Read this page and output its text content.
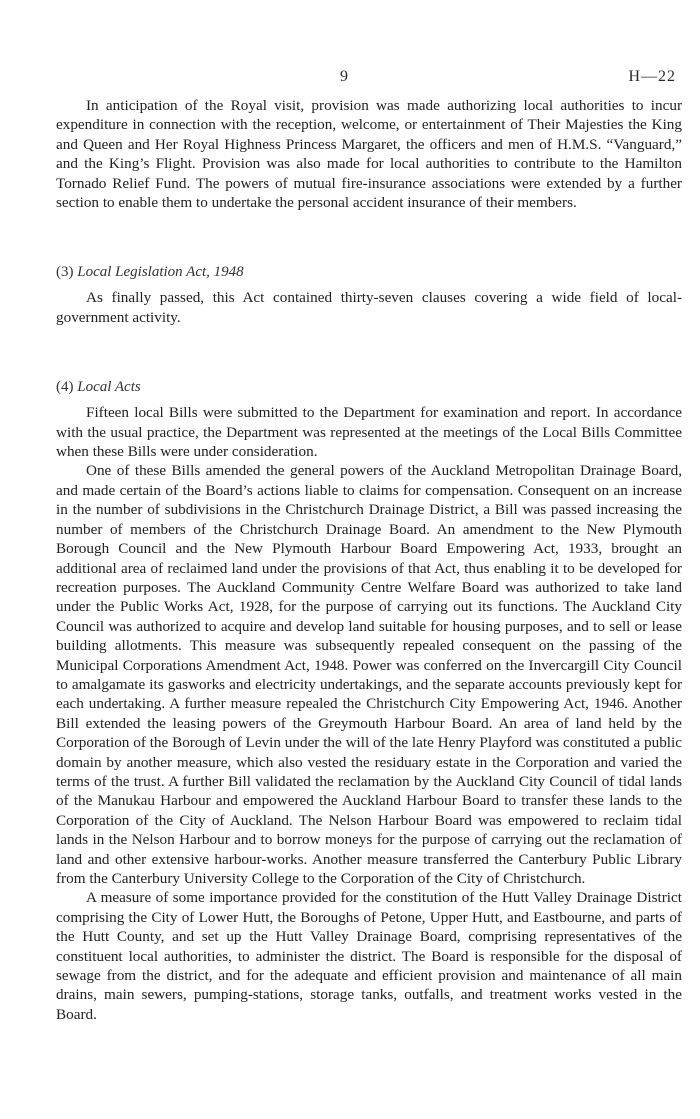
9	H—22

In anticipation of the Royal visit, provision was made authorizing local authorities to incur expenditure in connection with the reception, welcome, or entertainment of Their Majesties the King and Queen and Her Royal Highness Princess Margaret, the officers and men of H.M.S. “Vanguard,” and the King’s Flight. Provision was also made for local authorities to contribute to the Hamilton Tornado Relief Fund. The powers of mutual fire-insurance associations were extended by a further section to enable them to undertake the personal accident insurance of their members.

(3) Local Legislation Act, 1948

As finally passed, this Act contained thirty-seven clauses covering a wide field of local-government activity.

(4) Local Acts

Fifteen local Bills were submitted to the Department for examination and report. In accordance with the usual practice, the Department was represented at the meetings of the Local Bills Committee when these Bills were under consideration.

One of these Bills amended the general powers of the Auckland Metropolitan Drainage Board, and made certain of the Board’s actions liable to claims for compensation. Consequent on an increase in the number of subdivisions in the Christchurch Drainage District, a Bill was passed increasing the number of members of the Christchurch Drainage Board. An amendment to the New Plymouth Borough Council and the New Plymouth Harbour Board Empowering Act, 1933, brought an additional area of reclaimed land under the provisions of that Act, thus enabling it to be developed for recreation purposes. The Auckland Community Centre Welfare Board was authorized to take land under the Public Works Act, 1928, for the purpose of carrying out its functions. The Auckland City Council was authorized to acquire and develop land suitable for housing purposes, and to sell or lease building allotments. This measure was subsequently repealed consequent on the passing of the Municipal Corporations Amendment Act, 1948. Power was conferred on the Invercargill City Council to amalgamate its gasworks and electricity undertakings, and the separate accounts previously kept for each undertaking. A further measure repealed the Christchurch City Empowering Act, 1946. Another Bill extended the leasing powers of the Greymouth Harbour Board. An area of land held by the Corporation of the Borough of Levin under the will of the late Henry Playford was constituted a public domain by another measure, which also vested the residuary estate in the Corporation and varied the terms of the trust. A further Bill validated the reclamation by the Auckland City Council of tidal lands of the Manukau Harbour and empowered the Auckland Harbour Board to transfer these lands to the Corporation of the City of Auckland. The Nelson Harbour Board was empowered to reclaim tidal lands in the Nelson Harbour and to borrow moneys for the purpose of carrying out the reclamation of land and other extensive harbour-works. Another measure transferred the Canterbury Public Library from the Canterbury University College to the Corporation of the City of Christchurch.

A measure of some importance provided for the constitution of the Hutt Valley Drainage District comprising the City of Lower Hutt, the Boroughs of Petone, Upper Hutt, and Eastbourne, and parts of the Hutt County, and set up the Hutt Valley Drainage Board, comprising representatives of the constituent local authorities, to administer the district. The Board is responsible for the disposal of sewage from the district, and for the adequate and efficient provision and maintenance of all main drains, main sewers, pumping-stations, storage tanks, outfalls, and treatment works vested in the Board.
